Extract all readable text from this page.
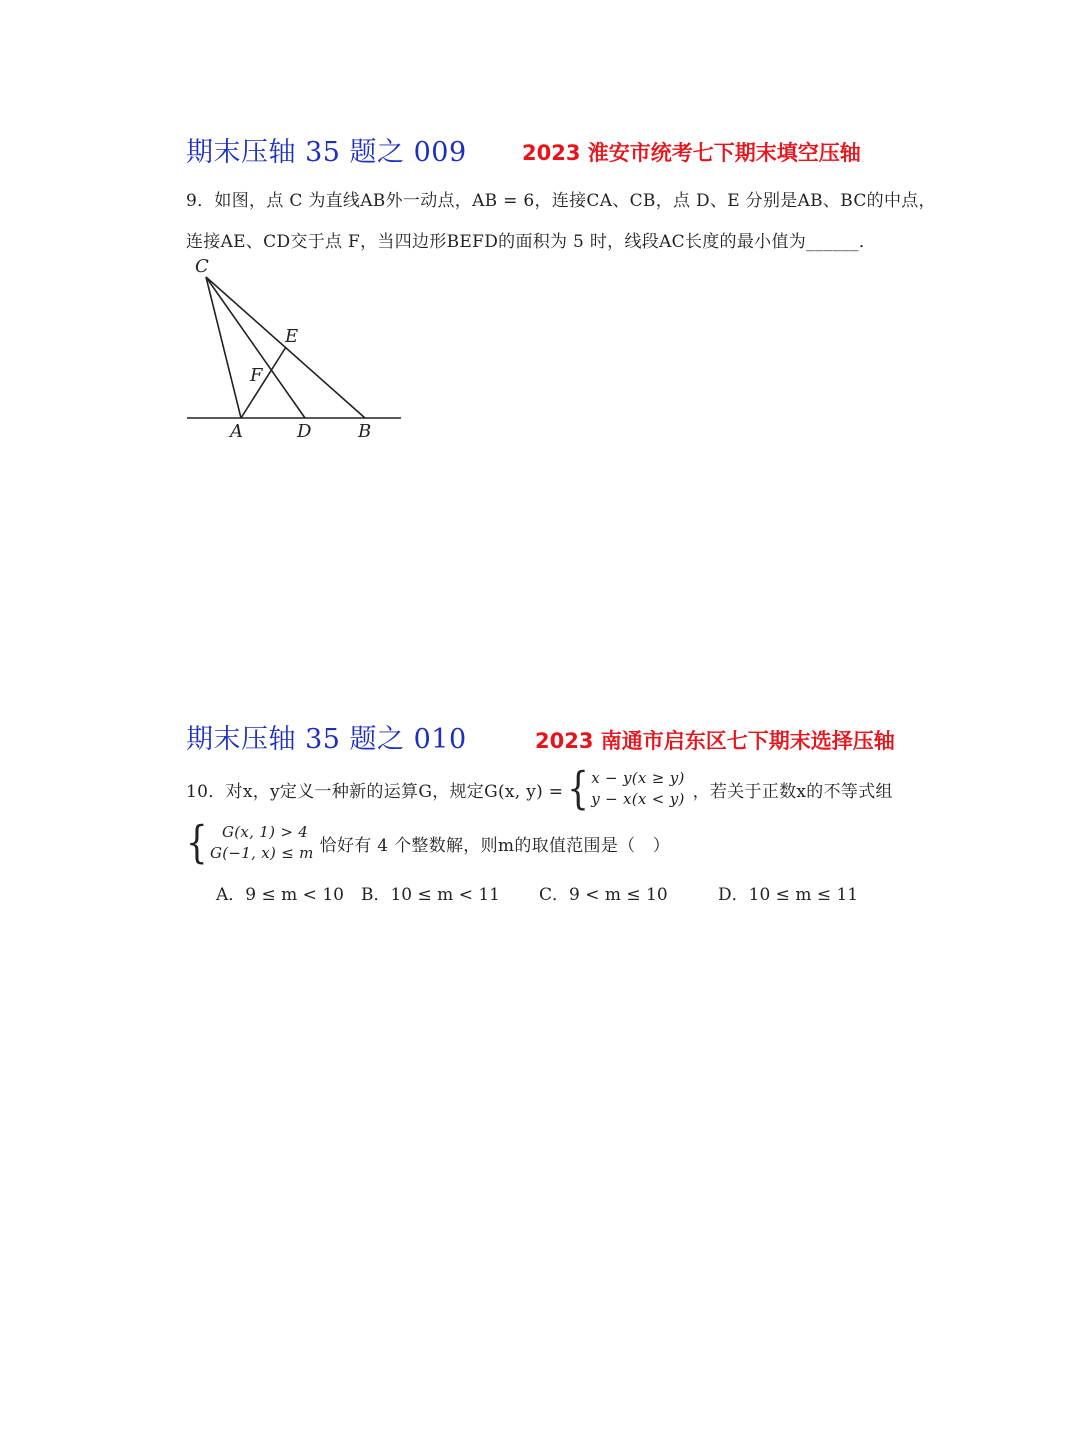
期末压轴 35 题之 009	2023 淮安市统考七下期末填空压轴
9．如图，点 C 为直线AB外一动点，AB = 6，连接CA、CB，点 D、E 分别是AB、BC的中点，
连接AE、CD交于点 F，当四边形BEFD的面积为 5 时，线段AC长度的最小值为______．
C
E
F
A	D	B
期末压轴 35 题之 010	2023 南通市启东区七下期末选择压轴
10．对x，y定义一种新的运算G，规定G(x, y) = { x − y(x ≥ y)
y − x(x < y) ，若关于正数x的不等式组
{ G(x, 1) > 4
G(−1, x) ≤ m 恰好有 4 个整数解，则m的取值范围是（　）
A．9 ≤ m < 10 B．10 ≤ m < 11 C．9 < m ≤ 10	D．10 ≤ m ≤ 11
